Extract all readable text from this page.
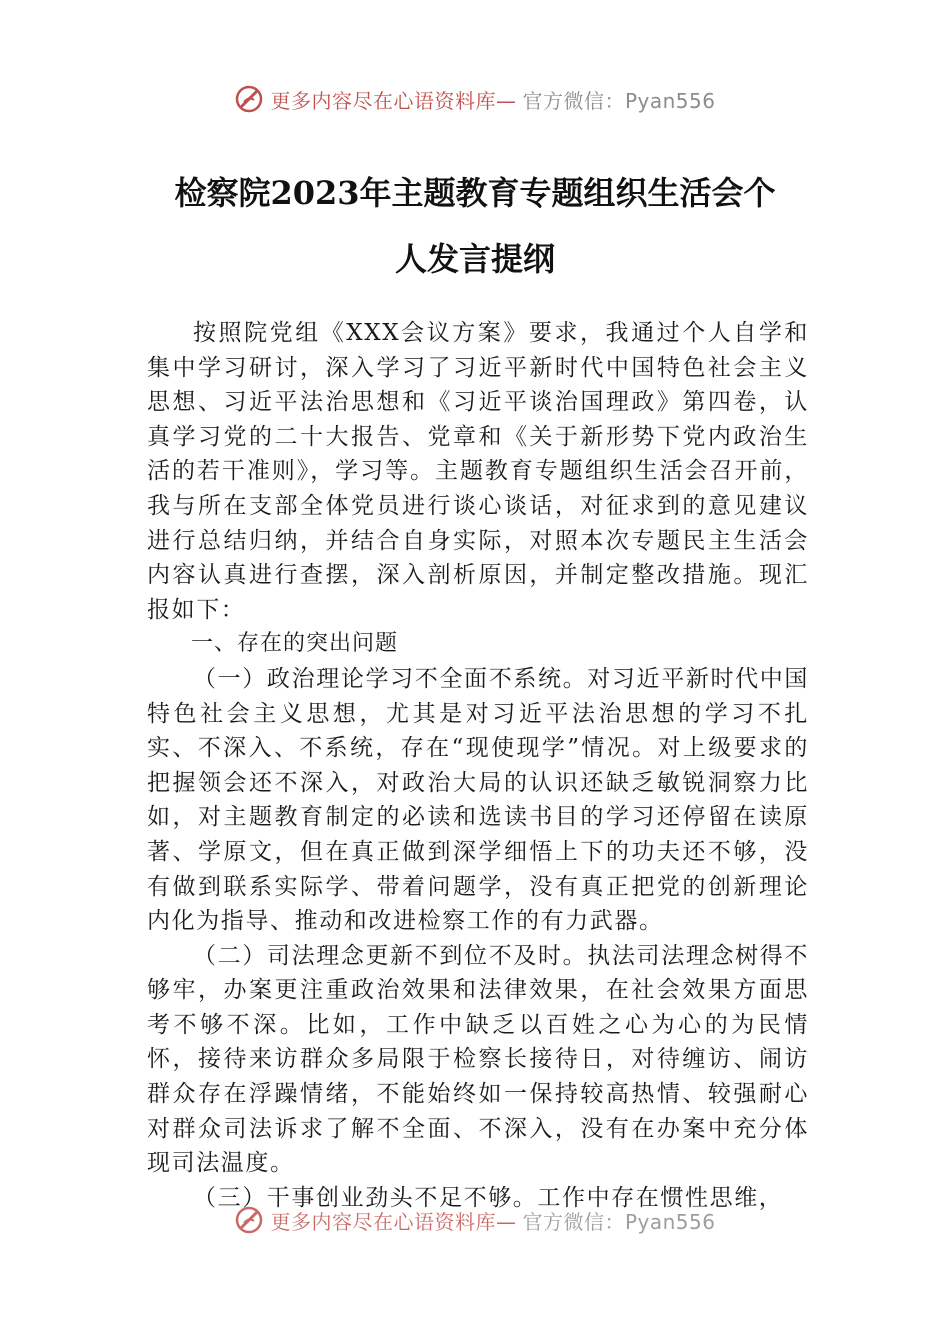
更多内容尽在心语资料库— 官方微信：Pyan556
检察院2023年主题教育专题组织生活会个
人发言提纲

按照院党组《XXX会议方案》要求，我通过个人自学和集中学习研讨，深入学习了习近平新时代中国特色社会主义思想、习近平法治思想和《习近平谈治国理政》第四卷，认真学习党的二十大报告、党章和《关于新形势下党内政治生活的若干准则》，学习等。主题教育专题组织生活会召开前，我与所在支部全体党员进行谈心谈话，对征求到的意见建议进行总结归纳，并结合自身实际，对照本次专题民主生活会内容认真进行查摆，深入剖析原因，并制定整改措施。现汇报如下：

一、存在的突出问题

（一）政治理论学习不全面不系统。对习近平新时代中国特色社会主义思想，尤其是对习近平法治思想的学习不扎实、不深入、不系统，存在“现使现学”情况。对上级要求的把握领会还不深入，对政治大局的认识还缺乏敏锐洞察力比如，对主题教育制定的必读和选读书目的学习还停留在读原著、学原文，但在真正做到深学细悟上下的功夫还不够，没有做到联系实际学、带着问题学，没有真正把党的创新理论内化为指导、推动和改进检察工作的有力武器。

（二）司法理念更新不到位不及时。执法司法理念树得不够牢，办案更注重政治效果和法律效果，在社会效果方面思考不够不深。比如，工作中缺乏以百姓之心为心的为民情怀，接待来访群众多局限于检察长接待日，对待缠访、闹访群众存在浮躁情绪，不能始终如一保持较高热情、较强耐心对群众司法诉求了解不全面、不深入，没有在办案中充分体现司法温度。

（三）干事创业劲头不足不够。工作中存在惯性思维，

更多内容尽在心语资料库— 官方微信：Pyan556
